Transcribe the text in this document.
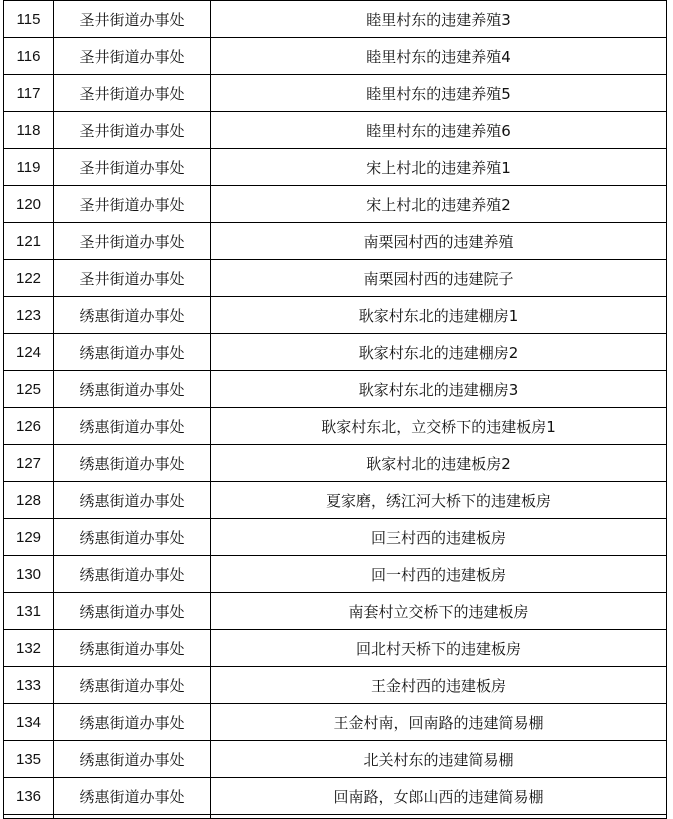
115	圣井街道办事处	睦里村东的违建养殖3
116	圣井街道办事处	睦里村东的违建养殖4
117	圣井街道办事处	睦里村东的违建养殖5
118	圣井街道办事处	睦里村东的违建养殖6
119	圣井街道办事处	宋上村北的违建养殖1
120	圣井街道办事处	宋上村北的违建养殖2
121	圣井街道办事处	南栗园村西的违建养殖
122	圣井街道办事处	南栗园村西的违建院子
123	绣惠街道办事处	耿家村东北的违建棚房1
124	绣惠街道办事处	耿家村东北的违建棚房2
125	绣惠街道办事处	耿家村东北的违建棚房3
126	绣惠街道办事处	耿家村东北，立交桥下的违建板房1
127	绣惠街道办事处	耿家村北的违建板房2
128	绣惠街道办事处	夏家磨，绣江河大桥下的违建板房
129	绣惠街道办事处	回三村西的违建板房
130	绣惠街道办事处	回一村西的违建板房
131	绣惠街道办事处	南套村立交桥下的违建板房
132	绣惠街道办事处	回北村天桥下的违建板房
133	绣惠街道办事处	王金村西的违建板房
134	绣惠街道办事处	王金村南，回南路的违建简易棚
135	绣惠街道办事处	北关村东的违建简易棚
136	绣惠街道办事处	回南路，女郎山西的违建简易棚
